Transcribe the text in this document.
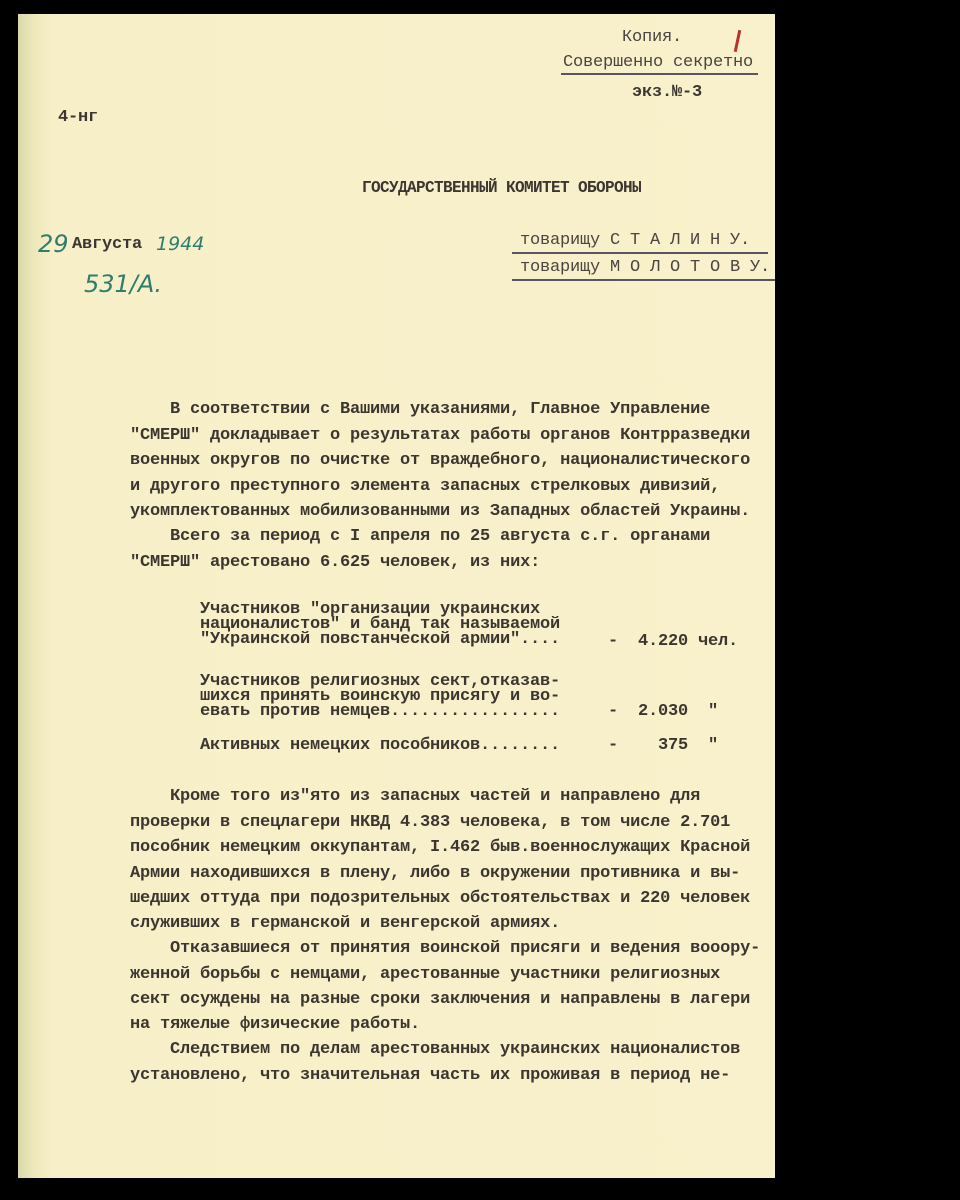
Копия.
Совершенно секретно
экз.№-3
4-нг
ГОСУДАРСТВЕННЫЙ КОМИТЕТ ОБОРОНЫ
29 Августа 1944
531/А.
товарищу С Т А Л И Н У.
товарищу М О Л О Т О В У.
В соответствии с Вашими указаниями, Главное Управление
"СМЕРШ" докладывает о результатах работы органов Контрразведки
военных округов по очистке от враждебного, националистического
и другого преступного элемента запасных стрелковых дивизий,
укомплектованных мобилизованными из Западных областей Украины.
Всего за период с I апреля по 25 августа с.г. органами
"СМЕРШ" арестовано 6.625 человек, из них:
Участников "организации украинских
националистов" и банд так называемой
"Украинской повстанческой армии"....	-  4.220 чел.
Участников религиозных сект,отказав-
шихся принять воинскую присягу и во-
евать против немцев.................	-  2.030  "
Активных немецких пособников........	-    375  "
Кроме того из"ято из запасных частей и направлено для
проверки в спецлагери НКВД 4.383 человека, в том числе 2.701
пособник немецким оккупантам, I.462 быв.военнослужащих Красной
Армии находившихся в плену, либо в окружении противника и вы-
шедших оттуда при подозрительных обстоятельствах и 220 человек
служивших в германской и венгерской армиях.
Отказавшиеся от принятия воинской присяги и ведения вооору-
женной борьбы с немцами, арестованные участники религиозных
сект осуждены на разные сроки заключения и направлены в лагери
на тяжелые физические работы.
Следствием по делам арестованных украинских националистов
установлено, что значительная часть их проживая в период не-
